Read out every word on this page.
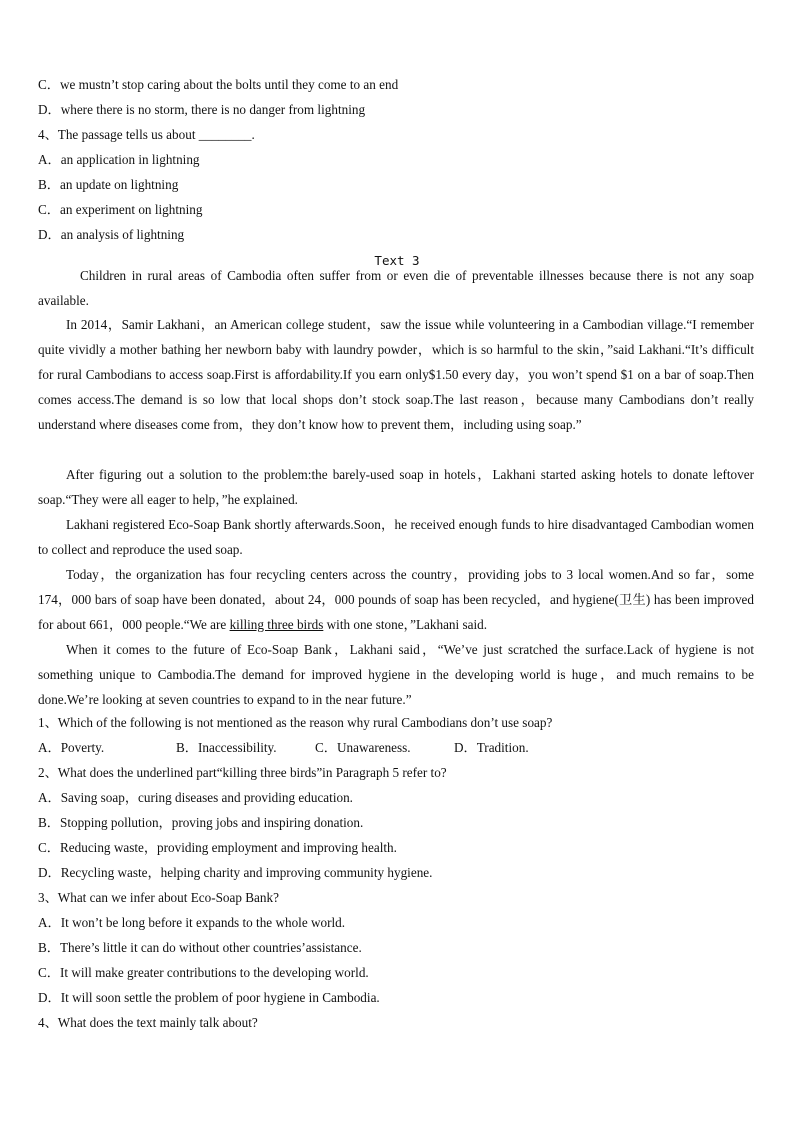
C．we mustn’t stop caring about the bolts until they come to an end
D．where there is no storm, there is no danger from lightning
4、The passage tells us about ________.
A．an application in lightning
B．an update on lightning
C．an experiment on lightning
D．an analysis of lightning
Text 3
Children in rural areas of Cambodia often suffer from or even die of preventable illnesses because there is not any soap available.
In 2014，Samir Lakhani，an American college student，saw the issue while volunteering in a Cambodian village.“I remember quite vividly a mother bathing her newborn baby with laundry powder，which is so harmful to the skin，”said Lakhani.“It’s difficult for rural Cambodians to access soap.First is affordability.If you earn only$1.50 every day，you won’t spend $1 on a bar of soap.Then comes access.The demand is so low that local shops don’t stock soap.The last reason，because many Cambodians don’t really understand where diseases come from，they don’t know how to prevent them，including using soap.”
After figuring out a solution to the problem:the barely-used soap in hotels，Lakhani started asking hotels to donate leftover soap.“They were all eager to help，”he explained.
Lakhani registered Eco-Soap Bank shortly afterwards.Soon，he received enough funds to hire disadvantaged Cambodian women to collect and reproduce the used soap.
Today，the organization has four recycling centers across the country，providing jobs to 3 local women.And so far，some 174，000 bars of soap have been donated，about 24，000 pounds of soap has been recycled，and hygiene(卫生) has been improved for about 661，000 people.“We are killing three birds with one stone，”Lakhani said.
When it comes to the future of Eco-Soap Bank，Lakhani said，“We’ve just scratched the surface.Lack of hygiene is not something unique to Cambodia.The demand for improved hygiene in the developing world is huge，and much remains to be done.We’re looking at seven countries to expand to in the near future.”
1、Which of the following is not mentioned as the reason why rural Cambodians don’t use soap?
A．Poverty.	B．Inaccessibility.	C．Unawareness.	D．Tradition.
2、What does the underlined part“killing three birds”in Paragraph 5 refer to?
A．Saving soap，curing diseases and providing education.
B．Stopping pollution，proving jobs and inspiring donation.
C．Reducing waste，providing employment and improving health.
D．Recycling waste，helping charity and improving community hygiene.
3、What can we infer about Eco-Soap Bank?
A．It won’t be long before it expands to the whole world.
B．There’s little it can do without other countries’assistance.
C．It will make greater contributions to the developing world.
D．It will soon settle the problem of poor hygiene in Cambodia.
4、What does the text mainly talk about?
